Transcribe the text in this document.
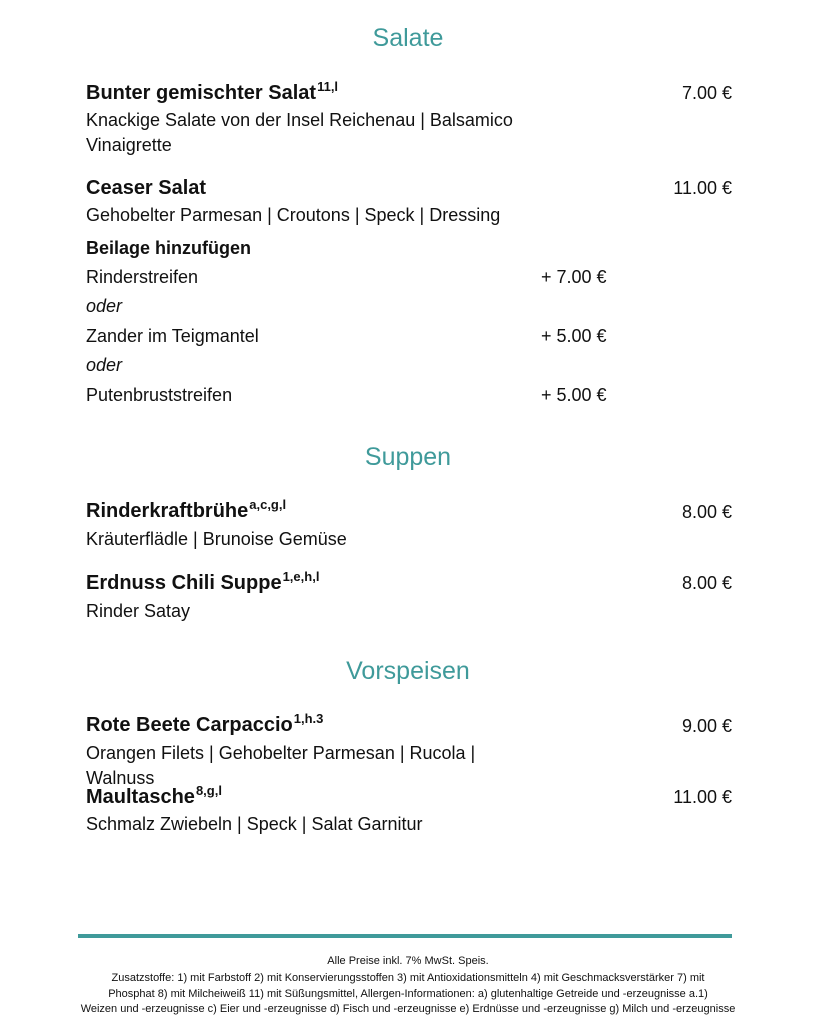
Salate
Bunter gemischter Salat$^{11,l}$	7.00 €
Knackige Salate von der Insel Reichenau | Balsamico Vinaigrette
Ceaser Salat	11.00 €
Gehobelter Parmesan | Croutons | Speck | Dressing
Beilage hinzufügen
Rinderstreifen	+ 7.00 €
oder
Zander im Teigmantel	+ 5.00 €
oder
Putenbruststreifen	+ 5.00 €
Suppen
Rinderkraftbrühe$^{a,c,g,l}$	8.00 €
Kräuterflädle | Brunoise Gemüse
Erdnuss Chili Suppe$^{1,e,h,l}$	8.00 €
Rinder Satay
Vorspeisen
Rote Beete Carpaccio$^{1,h.3}$	9.00 €
Orangen Filets | Gehobelter Parmesan | Rucola | Walnuss
Maultasche$^{8,g,l}$	11.00 €
Schmalz Zwiebeln | Speck | Salat Garnitur
Alle Preise inkl. 7% MwSt. Speis.
Zusatzstoffe: 1) mit Farbstoff 2) mit Konservierungsstoffen 3) mit Antioxidationsmitteln 4) mit Geschmacksverstärker 7) mit
Phosphat 8) mit Milcheiweiß 11) mit Süßungsmittel, Allergen-Informationen: a) glutenhaltige Getreide und -erzeugnisse a.1)
Weizen und -erzeugnisse c) Eier und -erzeugnisse d) Fisch und -erzeugnisse e) Erdnüsse und -erzeugnisse g) Milch und -erzeugnisse
